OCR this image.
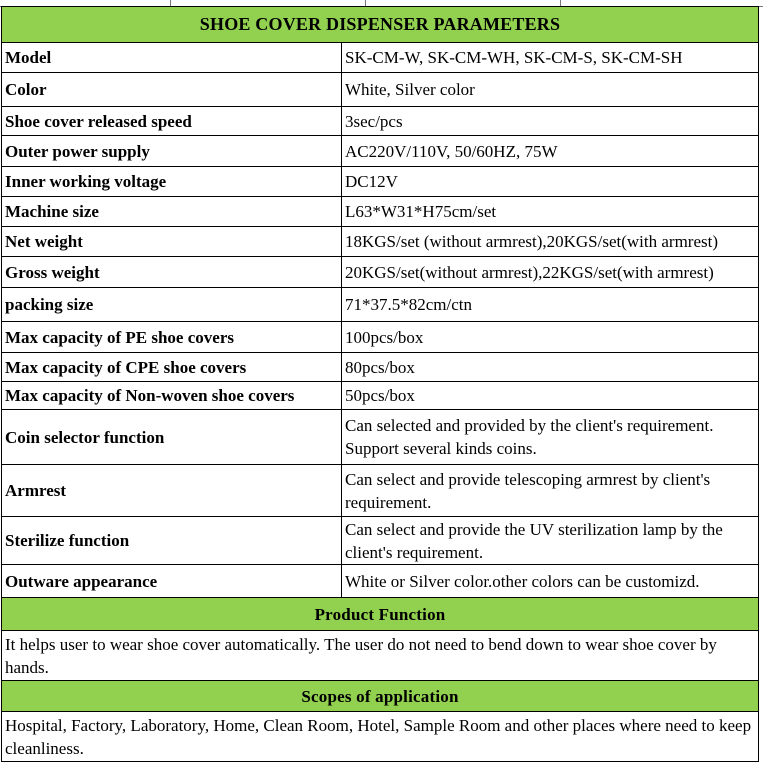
SHOE COVER DISPENSER PARAMETERS	
Model	SK-CM-W, SK-CM-WH, SK-CM-S, SK-CM-SH
Color	White, Silver color
Shoe cover released speed	3sec/pcs
Outer power supply	AC220V/110V, 50/60HZ, 75W
Inner working voltage	DC12V
Machine size	L63*W31*H75cm/set
Net weight	18KGS/set (without armrest),20KGS/set(with armrest)
Gross weight	20KGS/set(without armrest),22KGS/set(with armrest)
packing size	71*37.5*82cm/ctn
Max capacity of PE shoe covers	100pcs/box
Max capacity of CPE shoe covers	80pcs/box
Max capacity of Non-woven shoe covers	50pcs/box
Coin selector function	Can selected and provided by the client's requirement. Support several kinds coins.
Armrest	Can select and provide telescoping armrest by client's requirement.
Sterilize function	Can select and provide the UV sterilization lamp by the client's requirement.
Outware appearance	White or Silver color.other colors can be customizd.
Product Function	
It helps user to wear shoe cover automatically. The user do not need to bend down to wear shoe cover by hands.	
Scopes of application	
Hospital, Factory, Laboratory, Home, Clean Room, Hotel, Sample Room and other places where need to keep cleanliness.	
